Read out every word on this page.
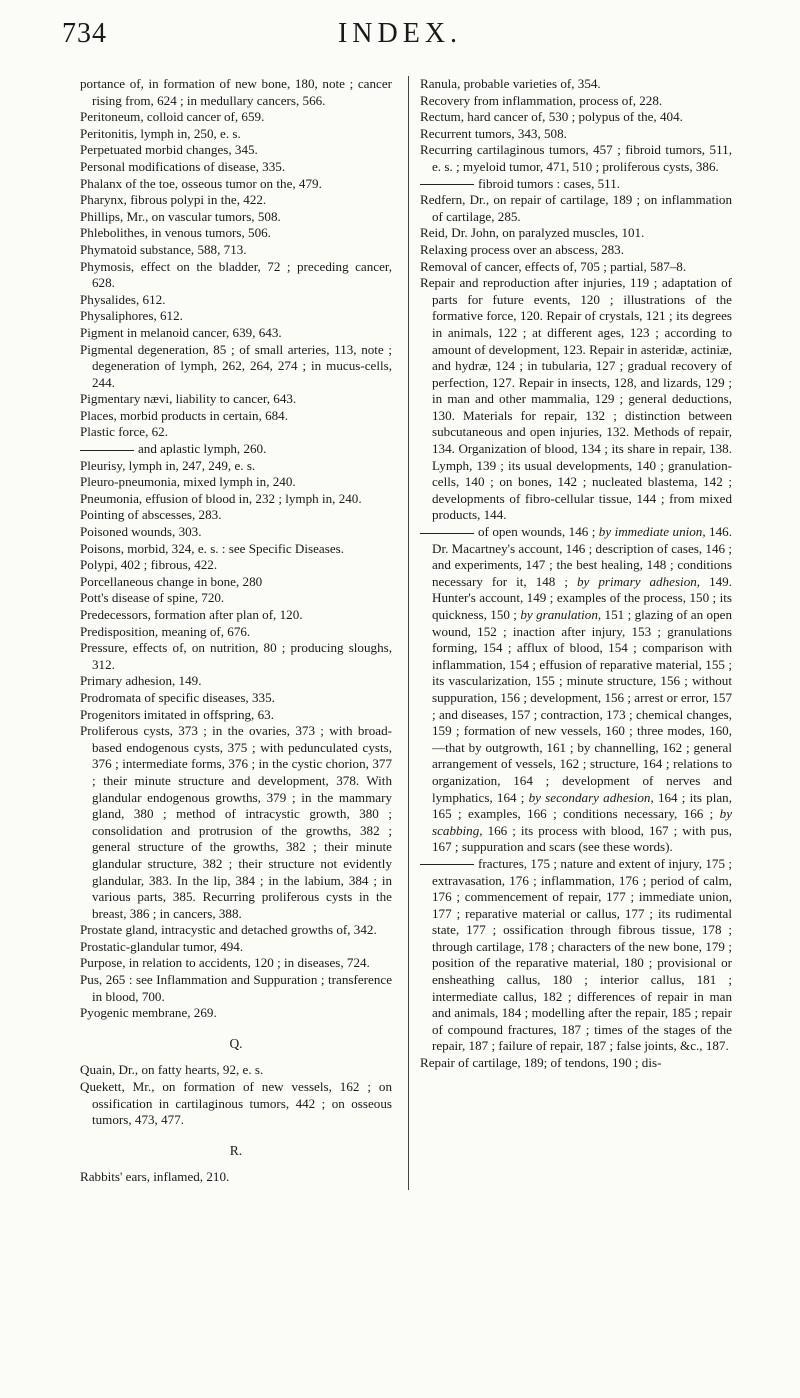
734	INDEX.

portance of, in formation of new bone, 180, note ; cancer rising from, 624 ; in medullary cancers, 566.

Peritoneum, colloid cancer of, 659.

Peritonitis, lymph in, 250, e. s.

Perpetuated morbid changes, 345.

Personal modifications of disease, 335.

Phalanx of the toe, osseous tumor on the, 479.

Pharynx, fibrous polypi in the, 422.

Phillips, Mr., on vascular tumors, 508.

Phlebolithes, in venous tumors, 506.

Phymatoid substance, 588, 713.

Phymosis, effect on the bladder, 72 ; preceding cancer, 628.

Physalides, 612.

Physaliphores, 612.

Pigment in melanoid cancer, 639, 643.

Pigmental degeneration, 85 ; of small arteries, 113, note ; degeneration of lymph, 262, 264, 274 ; in mucus-cells, 244.

Pigmentary nævi, liability to cancer, 643.

Places, morbid products in certain, 684.

Plastic force, 62.

and aplastic lymph, 260.

Pleurisy, lymph in, 247, 249, e. s.

Pleuro-pneumonia, mixed lymph in, 240.

Pneumonia, effusion of blood in, 232 ; lymph in, 240.

Pointing of abscesses, 283.

Poisoned wounds, 303.

Poisons, morbid, 324, e. s. : see Specific Diseases.

Polypi, 402 ; fibrous, 422.

Porcellaneous change in bone, 280

Pott's disease of spine, 720.

Predecessors, formation after plan of, 120.

Predisposition, meaning of, 676.

Pressure, effects of, on nutrition, 80 ; producing sloughs, 312.

Primary adhesion, 149.

Prodromata of specific diseases, 335.

Progenitors imitated in offspring, 63.

Proliferous cysts, 373 ; in the ovaries, 373 ; with broad-based endogenous cysts, 375 ; with pedunculated cysts, 376 ; intermediate forms, 376 ; in the cystic chorion, 377 ; their minute structure and development, 378. With glandular endogenous growths, 379 ; in the mammary gland, 380 ; method of intracystic growth, 380 ; consolidation and protrusion of the growths, 382 ; general structure of the growths, 382 ; their minute glandular structure, 382 ; their structure not evidently glandular, 383. In the lip, 384 ; in the labium, 384 ; in various parts, 385. Recurring proliferous cysts in the breast, 386 ; in cancers, 388.

Prostate gland, intracystic and detached growths of, 342.

Prostatic-glandular tumor, 494.

Purpose, in relation to accidents, 120 ; in diseases, 724.

Pus, 265 : see Inflammation and Suppuration ; transference in blood, 700.

Pyogenic membrane, 269.

Q.

Quain, Dr., on fatty hearts, 92, e. s.

Quekett, Mr., on formation of new vessels, 162 ; on ossification in cartilaginous tumors, 442 ; on osseous tumors, 473, 477.

R.

Rabbits' ears, inflamed, 210.

Ranula, probable varieties of, 354.

Recovery from inflammation, process of, 228.

Rectum, hard cancer of, 530 ; polypus of the, 404.

Recurrent tumors, 343, 508.

Recurring cartilaginous tumors, 457 ; fibroid tumors, 511, e. s. ; myeloid tumor, 471, 510 ; proliferous cysts, 386.

fibroid tumors : cases, 511.

Redfern, Dr., on repair of cartilage, 189 ; on inflammation of cartilage, 285.

Reid, Dr. John, on paralyzed muscles, 101.

Relaxing process over an abscess, 283.

Removal of cancer, effects of, 705 ; partial, 587–8.

Repair and reproduction after injuries, 119 ; adaptation of parts for future events, 120 ; illustrations of the formative force, 120. Repair of crystals, 121 ; its degrees in animals, 122 ; at different ages, 123 ; according to amount of development, 123. Repair in asteridæ, actiniæ, and hydræ, 124 ; in tubularia, 127 ; gradual recovery of perfection, 127. Repair in insects, 128, and lizards, 129 ; in man and other mammalia, 129 ; general deductions, 130. Materials for repair, 132 ; distinction between subcutaneous and open injuries, 132. Methods of repair, 134. Organization of blood, 134 ; its share in repair, 138. Lymph, 139 ; its usual developments, 140 ; granulation-cells, 140 ; on bones, 142 ; nucleated blastema, 142 ; developments of fibro-cellular tissue, 144 ; from mixed products, 144.

of open wounds, 146 ; by immediate union, 146. Dr. Macartney's account, 146 ; description of cases, 146 ; and experiments, 147 ; the best healing, 148 ; conditions necessary for it, 148 ; by primary adhesion, 149. Hunter's account, 149 ; examples of the process, 150 ; its quickness, 150 ; by granulation, 151 ; glazing of an open wound, 152 ; inaction after injury, 153 ; granulations forming, 154 ; afflux of blood, 154 ; comparison with inflammation, 154 ; effusion of reparative material, 155 ; its vascularization, 155 ; minute structure, 156 ; without suppuration, 156 ; development, 156 ; arrest or error, 157 ; and diseases, 157 ; contraction, 173 ; chemical changes, 159 ; formation of new vessels, 160 ; three modes, 160,—that by outgrowth, 161 ; by channelling, 162 ; general arrangement of vessels, 162 ; structure, 164 ; relations to organization, 164 ; development of nerves and lymphatics, 164 ; by secondary adhesion, 164 ; its plan, 165 ; examples, 166 ; conditions necessary, 166 ; by scabbing, 166 ; its process with blood, 167 ; with pus, 167 ; suppuration and scars (see these words).

fractures, 175 ; nature and extent of injury, 175 ; extravasation, 176 ; inflammation, 176 ; period of calm, 176 ; commencement of repair, 177 ; immediate union, 177 ; reparative material or callus, 177 ; its rudimental state, 177 ; ossification through fibrous tissue, 178 ; through cartilage, 178 ; characters of the new bone, 179 ; position of the reparative material, 180 ; provisional or ensheathing callus, 180 ; interior callus, 181 ; intermediate callus, 182 ; differences of repair in man and animals, 184 ; modelling after the repair, 185 ; repair of compound fractures, 187 ; times of the stages of the repair, 187 ; failure of repair, 187 ; false joints, &c., 187.

Repair of cartilage, 189; of tendons, 190 ; dis-
